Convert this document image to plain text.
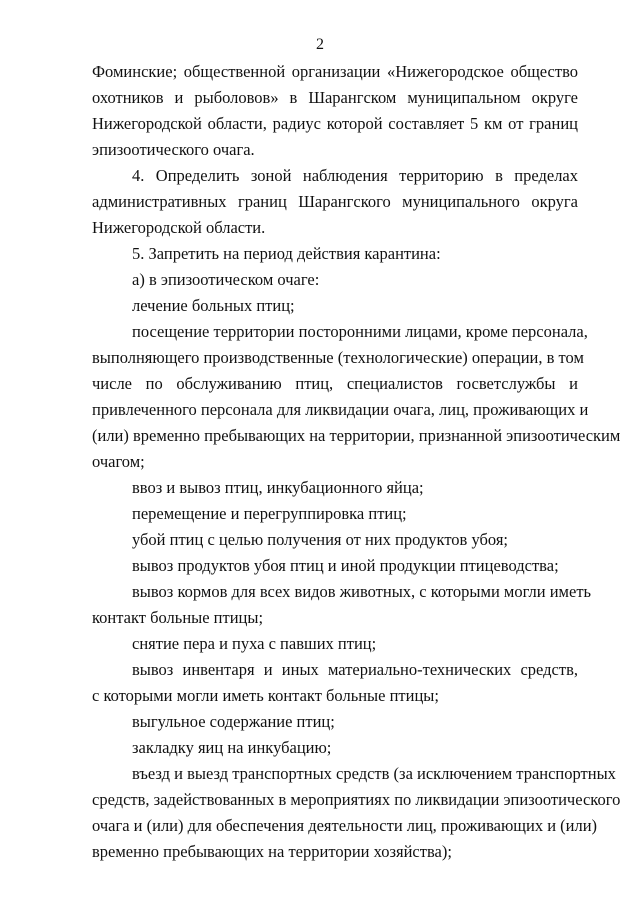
2
Фоминские; общественной организации «Нижегородское общество
охотников и рыболовов» в Шарангском муниципальном округе
Нижегородской области, радиус которой составляет 5 км от границ
эпизоотического очага.
4. Определить зоной наблюдения территорию в пределах
административных границ Шарангского муниципального округа
Нижегородской области.
5. Запретить на период действия карантина:
а) в эпизоотическом очаге:
лечение больных птиц;
посещение территории посторонними лицами, кроме персонала,
выполняющего производственные (технологические) операции, в том
числе по обслуживанию птиц, специалистов госветслужбы и
привлеченного персонала для ликвидации очага, лиц, проживающих и
(или) временно пребывающих на территории, признанной эпизоотическим
очагом;
ввоз и вывоз птиц, инкубационного яйца;
перемещение и перегруппировка птиц;
убой птиц с целью получения от них продуктов убоя;
вывоз продуктов убоя птиц и иной продукции птицеводства;
вывоз кормов для всех видов животных, с которыми могли иметь
контакт больные птицы;
снятие пера и пуха с павших птиц;
вывоз инвентаря и иных материально-технических средств,
с которыми могли иметь контакт больные птицы;
выгульное содержание птиц;
закладку яиц на инкубацию;
въезд и выезд транспортных средств (за исключением транспортных
средств, задействованных в мероприятиях по ликвидации эпизоотического
очага и (или) для обеспечения деятельности лиц, проживающих и (или)
временно пребывающих на территории хозяйства);
